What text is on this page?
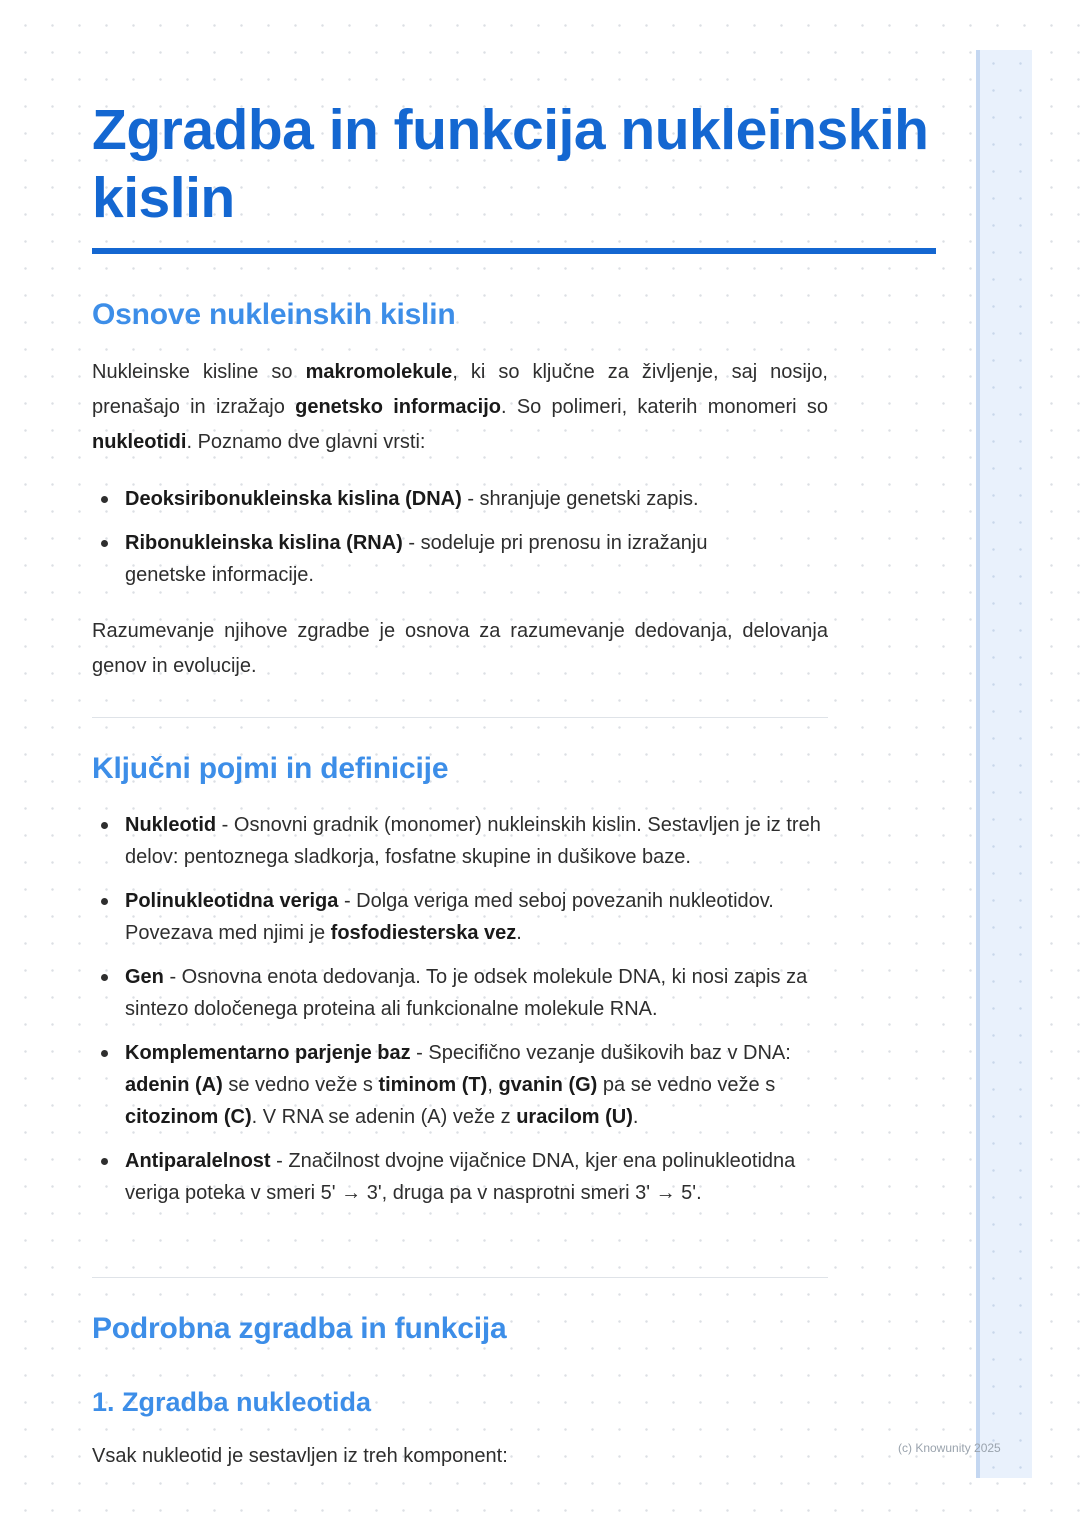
(c) Knowunity 2025
Zgradba in funkcija nukleinskih kislin
Osnove nukleinskih kislin

Nukleinske kisline so makromolekule, ki so ključne za življenje, saj nosijo, prenašajo in izražajo genetsko informacijo. So polimeri, katerih monomeri so nukleotidi. Poznamo dve glavni vrsti:

Deoksiribonukleinska kislina (DNA) - shranjuje genetski zapis.
Ribonukleinska kislina (RNA) - sodeluje pri prenosu in izražanju genetske informacije.

Razumevanje njihove zgradbe je osnova za razumevanje dedovanja, delovanja genov in evolucije.

Ključni pojmi in definicije
Nukleotid - Osnovni gradnik (monomer) nukleinskih kislin. Sestavljen je iz treh delov: pentoznega sladkorja, fosfatne skupine in dušikove baze.
Polinukleotidna veriga - Dolga veriga med seboj povezanih nukleotidov. Povezava med njimi je fosfodiesterska vez.
Gen - Osnovna enota dedovanja. To je odsek molekule DNA, ki nosi zapis za sintezo določenega proteina ali funkcionalne molekule RNA.
Komplementarno parjenje baz - Specifično vezanje dušikovih baz v DNA: adenin (A) se vedno veže s timinom (T), gvanin (G) pa se vedno veže s citozinom (C). V RNA se adenin (A) veže z uracilom (U).
Antiparalelnost - Značilnost dvojne vijačnice DNA, kjer ena polinukleotidna veriga poteka v smeri 5' → 3', druga pa v nasprotni smeri 3' → 5'.
Podrobna zgradba in funkcija
1. Zgradba nukleotida

Vsak nukleotid je sestavljen iz treh komponent:
